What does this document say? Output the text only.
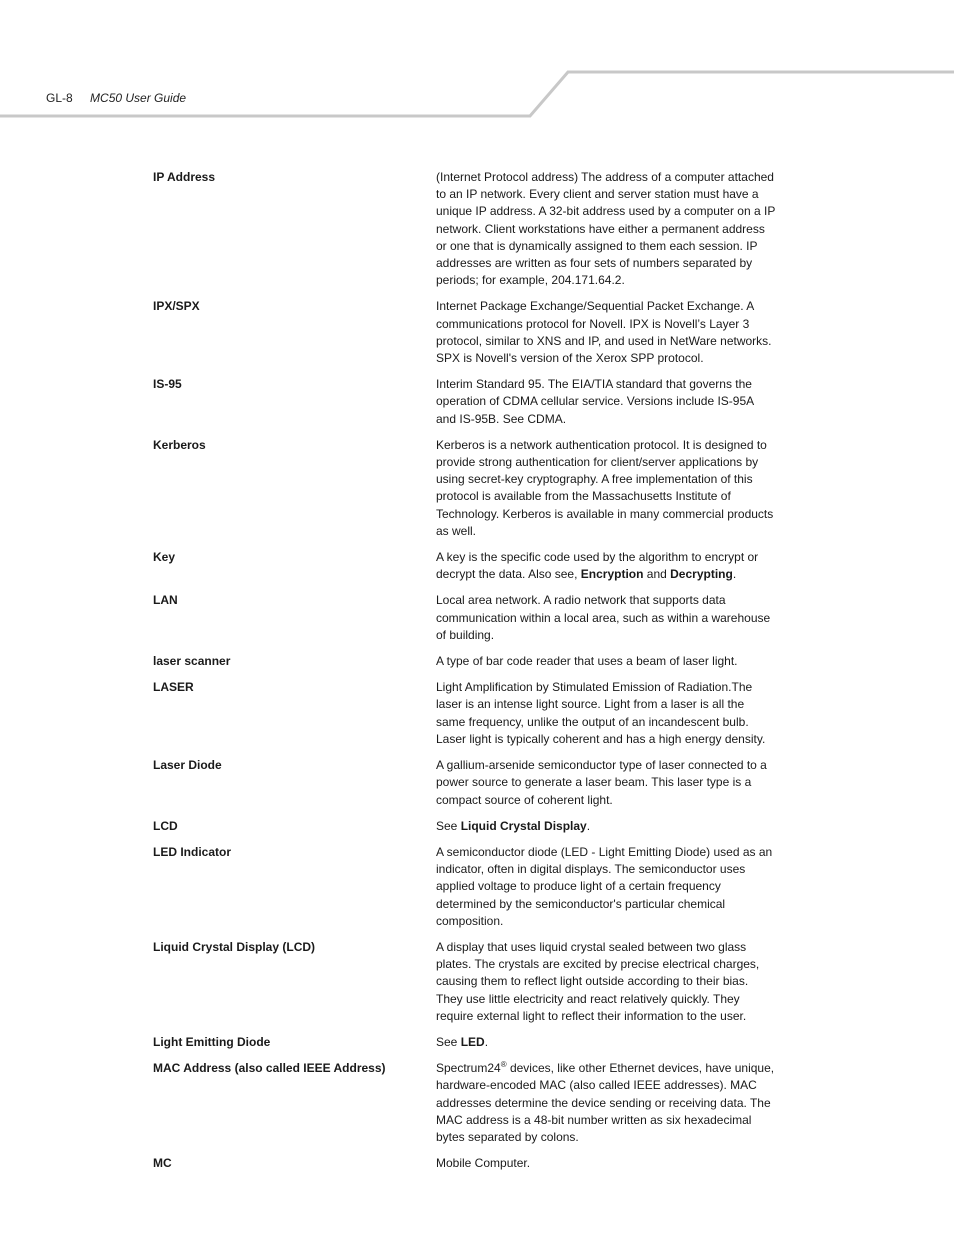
GL-8 MC50 User Guide
IP Address	(Internet Protocol address) The address of a computer attached to an IP network. Every client and server station must have a unique IP address. A 32-bit address used by a computer on a IP network. Client workstations have either a permanent address or one that is dynamically assigned to them each session. IP addresses are written as four sets of numbers separated by periods; for example, 204.171.64.2.
IPX/SPX	Internet Package Exchange/Sequential Packet Exchange. A communications protocol for Novell. IPX is Novell’s Layer 3 protocol, similar to XNS and IP, and used in NetWare networks. SPX is Novell's version of the Xerox SPP protocol.
IS-95	Interim Standard 95. The EIA/TIA standard that governs the operation of CDMA cellular service. Versions include IS-95A and IS-95B. See CDMA.
Kerberos	Kerberos is a network authentication protocol. It is designed to provide strong authentication for client/server applications by using secret-key cryptography. A free implementation of this protocol is available from the Massachusetts Institute of Technology. Kerberos is available in many commercial products as well.
Key	A key is the specific code used by the algorithm to encrypt or decrypt the data. Also see, Encryption and Decrypting.
LAN	Local area network. A radio network that supports data communication within a local area, such as within a warehouse of building.
laser scanner	A type of bar code reader that uses a beam of laser light.
LASER	Light Amplification by Stimulated Emission of Radiation.The laser is an intense light source. Light from a laser is all the same frequency, unlike the output of an incandescent bulb. Laser light is typically coherent and has a high energy density.
Laser Diode	A gallium-arsenide semiconductor type of laser connected to a power source to generate a laser beam. This laser type is a compact source of coherent light.
LCD	See Liquid Crystal Display.
LED Indicator	A semiconductor diode (LED - Light Emitting Diode) used as an indicator, often in digital displays. The semiconductor uses applied voltage to produce light of a certain frequency determined by the semiconductor's particular chemical composition.
Liquid Crystal Display (LCD)	A display that uses liquid crystal sealed between two glass plates. The crystals are excited by precise electrical charges, causing them to reflect light outside according to their bias. They use little electricity and react relatively quickly. They require external light to reflect their information to the user.
Light Emitting Diode	See LED.
MAC Address (also called IEEE Address)	Spectrum24® devices, like other Ethernet devices, have unique, hardware-encoded MAC (also called IEEE addresses). MAC addresses determine the device sending or receiving data. The MAC address is a 48-bit number written as six hexadecimal bytes separated by colons.
MC	Mobile Computer.
